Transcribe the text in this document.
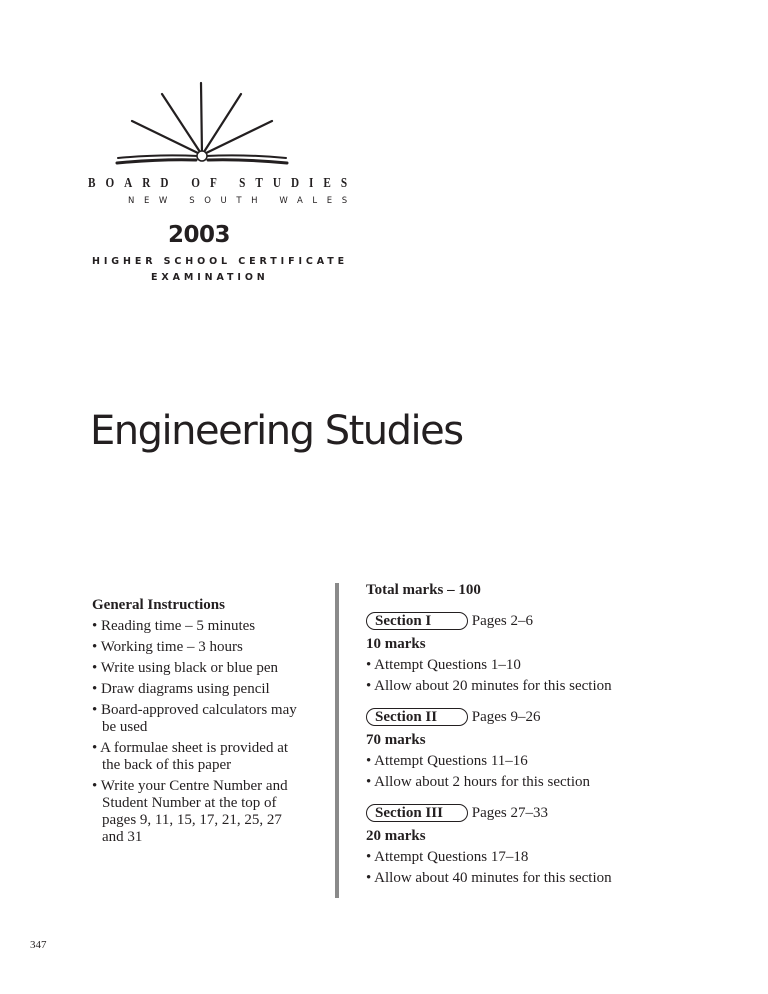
BOARD OF STUDIES
NEW SOUTH WALES
2003
HIGHER SCHOOL CERTIFICATE
EXAMINATION
Engineering Studies
General Instructions
• Reading time – 5 minutes
• Working time – 3 hours
• Write using black or blue pen
• Draw diagrams using pencil
• Board-approved calculators may
be used
• A formulae sheet is provided at
the back of this paper
• Write your Centre Number and
Student Number at the top of
pages 9, 11, 15, 17, 21, 25, 27
and 31
Total marks – 100
Section I	Pages 2–6
10 marks
• Attempt Questions 1–10
• Allow about 20 minutes for this section
Section II Pages 9–26
70 marks
• Attempt Questions 11–16
• Allow about 2 hours for this section
Section III Pages 27–33
20 marks
• Attempt Questions 17–18
• Allow about 40 minutes for this section
347
